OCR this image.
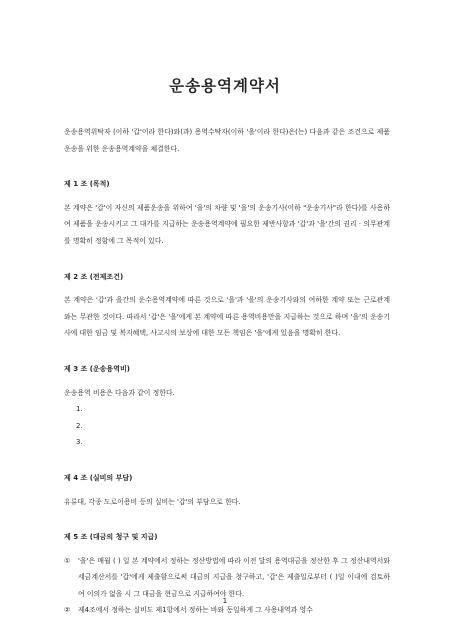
운송용역계약서

운송용역위탁자 (이하 '갑'이라 한다)와(과) 용역수탁자(이하 '을'이라 한다)은(는) 다음과 같은 조건으로 제품운송을 위한 운송용역계약을 체결한다.

제 1 조 (목적)

본 계약은 '갑'이 자신의 제품운송을 위하여 '을'의 차량 및 '을'의 운송기사(이하 "운송기사"라 한다)를 사용하여 제품을 운송시키고 그 대가를 지급하는 운송용역계약에 필요한 제반사항과 '갑'과 '을'간의 권리 · 의무관계를 명확히 정함에 그 목적이 있다.

제 2 조 (전제조건)

본 계약은 '갑'과 을간의 운수용역계약에 따른 것으로 '을'과 '을'의 운송기사와의 여하한 계약 또는 근로관계와는 무관한 것이다. 따라서 '갑'은 '을'에게 본 계약에 따른 용역비용만을 지급하는 것으로 하며 '을'의 운송기사에 대한 임금 및 복지혜택, 사고시의 보상에 대한 모든 책임은 '을'에게 있음을 명확히 한다.

제 3 조 (운송용역비)

운송용역 비용은 다음과 같이 정한다.

1.

2.

3.

제 4 조 (실비의 부담)

유류대, 각종 도로이용비 등의 실비는 '갑'의 부담으로 한다.

제 5 조 (대금의 청구 및 지급)

①	'을'은 매월 ( ) 일 본 계약에서 정하는 정산방법에 따라 이전 달의 용역대금을 정산한 후 그 정산내역서와 세금계산서를 '갑'에게 제출함으로써 대금의 지급을 청구하고, '갑'은 제출일로부터 ( )일 이내에 검토하여 이의가 없을 시 그 대금을 현금으로 지급하여야 한다.
②	제4조에서 정하는 실비도 제1항에서 정하는 바와 동일하게 그 사용내역과 영수
1
